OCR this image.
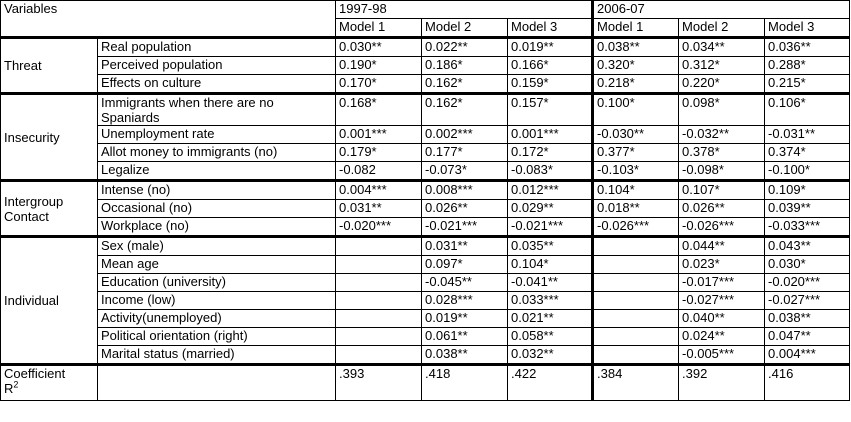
Variables		1997-98			2006-07		
		Model 1	Model 2	Model 3	Model 1	Model 2	Model 3
Threat	Real population	0.030**	0.022**	0.019**	0.038**	0.034**	0.036**
	Perceived population	0.190*	0.186*	0.166*	0.320*	0.312*	0.288*
	Effects on culture	0.170*	0.162*	0.159*	0.218*	0.220*	0.215*
Insecurity	Immigrants when there are no Spaniards	0.168*	0.162*	0.157*	0.100*	0.098*	0.106*
	Unemployment rate	0.001***	0.002***	0.001***	-0.030**	-0.032**	-0.031**
	Allot money to immigrants (no)	0.179*	0.177*	0.172*	0.377*	0.378*	0.374*
	Legalize	-0.082	-0.073*	-0.083*	-0.103*	-0.098*	-0.100*
Intergroup
Contact	Intense (no)	0.004***	0.008***	0.012***	0.104*	0.107*	0.109*
	Occasional (no)	0.031**	0.026**	0.029**	0.018**	0.026**	0.039**
	Workplace (no)	-0.020***	-0.021***	-0.021***	-0.026***	-0.026***	-0.033***
Individual	Sex (male)		0.031**	0.035**		0.044**	0.043**
	Mean age		0.097*	0.104*		0.023*	0.030*
	Education (university)		-0.045**	-0.041**		-0.017***	-0.020***
	Income (low)		0.028***	0.033***		-0.027***	-0.027***
	Activity(unemployed)		0.019**	0.021**		0.040**	0.038**
	Political orientation (right)		0.061**	0.058**		0.024**	0.047**
	Marital status (married)		0.038**	0.032**		-0.005***	0.004***
Coefficient
$R^2$		.393	.418	.422	.384	.392	.416
